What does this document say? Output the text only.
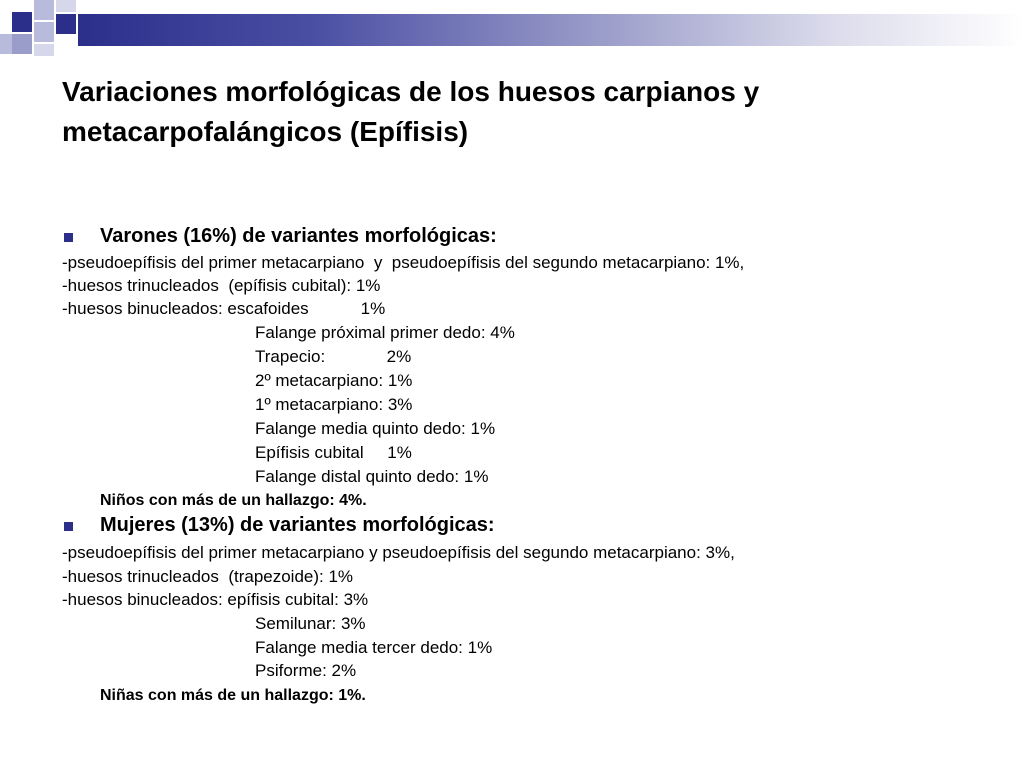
Variaciones morfológicas de los huesos carpianos y metacarpofalángicos (Epífisis)
Varones (16%) de variantes morfológicas:
-pseudoepífisis del primer metacarpiano  y  pseudoepífisis del segundo metacarpiano: 1%,
-huesos trinucleados  (epífisis cubital): 1%
-huesos binucleados: escafoides           1%
Falange próximal primer dedo: 4%
Trapecio:             2%
2º metacarpiano: 1%
1º metacarpiano: 3%
Falange media quinto dedo: 1%
Epífisis cubital     1%
Falange distal quinto dedo: 1%
Niños con más de un hallazgo: 4%.
Mujeres (13%) de variantes morfológicas:
-pseudoepífisis del primer metacarpiano y pseudoepífisis del segundo metacarpiano: 3%,
-huesos trinucleados  (trapezoide): 1%
-huesos binucleados: epífisis cubital: 3%
Semilunar: 3%
Falange media tercer dedo: 1%
Psiforme: 2%
Niñas con más de un hallazgo: 1%.
